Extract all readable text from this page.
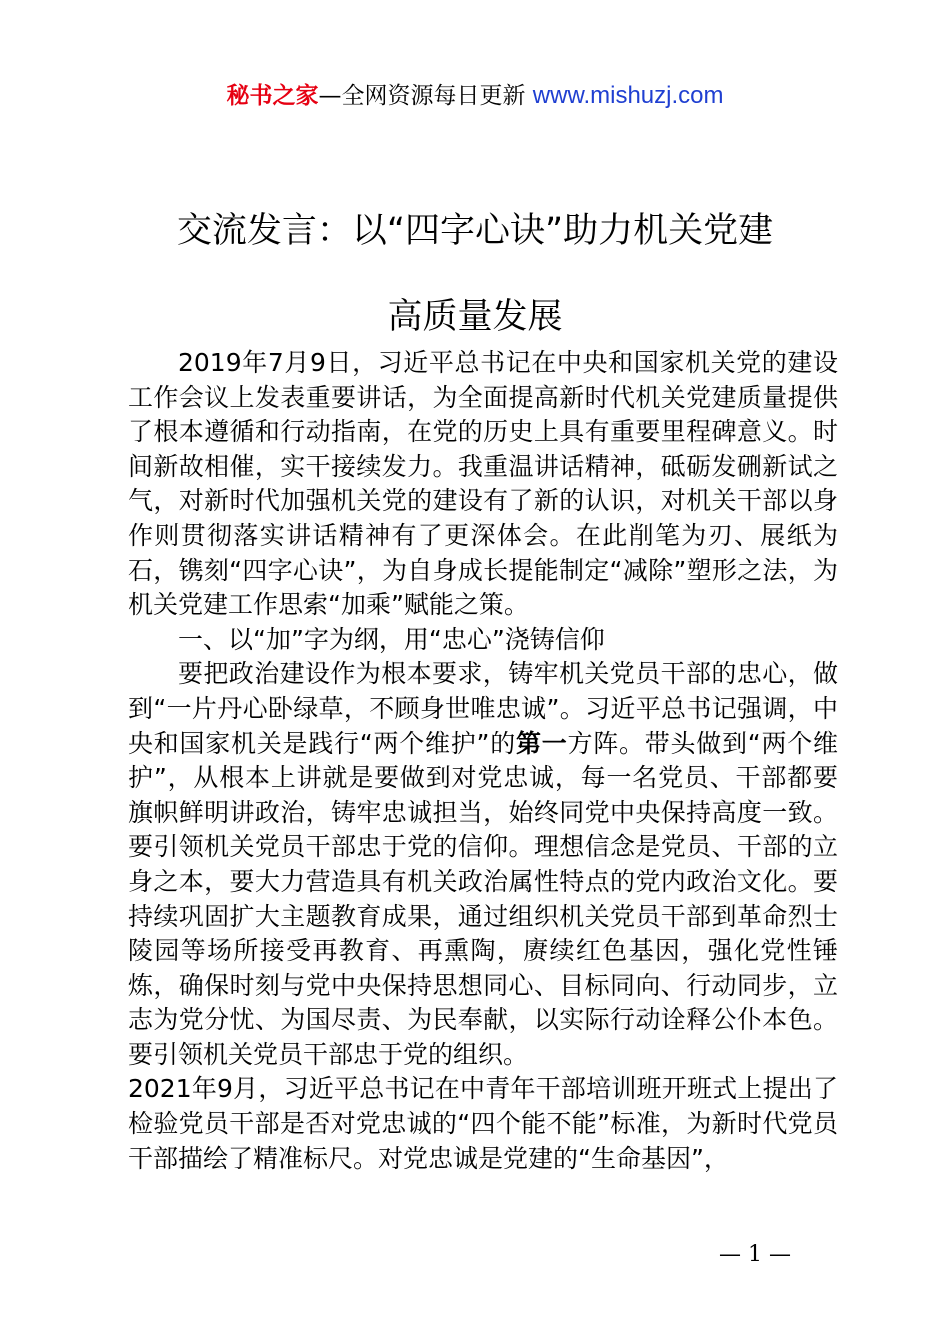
秘书之家—全网资源每日更新 www.mishuzj.com
交流发言：以“四字心诀”助力机关党建
高质量发展

2019年7月9日，习近平总书记在中央和国家机关党的建设工作会议上发表重要讲话，为全面提高新时代机关党建质量提供了根本遵循和行动指南，在党的历史上具有重要里程碑意义。时间新故相催，实干接续发力。我重温讲话精神，砥砺发硎新试之气，对新时代加强机关党的建设有了新的认识，对机关干部以身作则贯彻落实讲话精神有了更深体会。在此削笔为刃、展纸为石，镌刻“四字心诀”，为自身成长提能制定“减除”塑形之法，为机关党建工作思索“加乘”赋能之策。

一、以“加”字为纲，用“忠心”浇铸信仰

要把政治建设作为根本要求，铸牢机关党员干部的忠心，做到“一片丹心卧绿草，不顾身世唯忠诚”。习近平总书记强调，中央和国家机关是践行“两个维护”的第一方阵。带头做到“两个维护”，从根本上讲就是要做到对党忠诚，每一名党员、干部都要旗帜鲜明讲政治，铸牢忠诚担当，始终同党中央保持高度一致。要引领机关党员干部忠于党的信仰。理想信念是党员、干部的立身之本，要大力营造具有机关政治属性特点的党内政治文化。要持续巩固扩大主题教育成果，通过组织机关党员干部到革命烈士陵园等场所接受再教育、再熏陶，赓续红色基因，强化党性锤炼，确保时刻与党中央保持思想同心、目标同向、行动同步，立志为党分忧、为国尽责、为民奉献，以实际行动诠释公仆本色。要引领机关党员干部忠于党的组织。

2021年9月，习近平总书记在中青年干部培训班开班式上提出了检验党员干部是否对党忠诚的“四个能不能”标准，为新时代党员干部描绘了精准标尺。对党忠诚是党建的“生命基因”，

— 1 —
